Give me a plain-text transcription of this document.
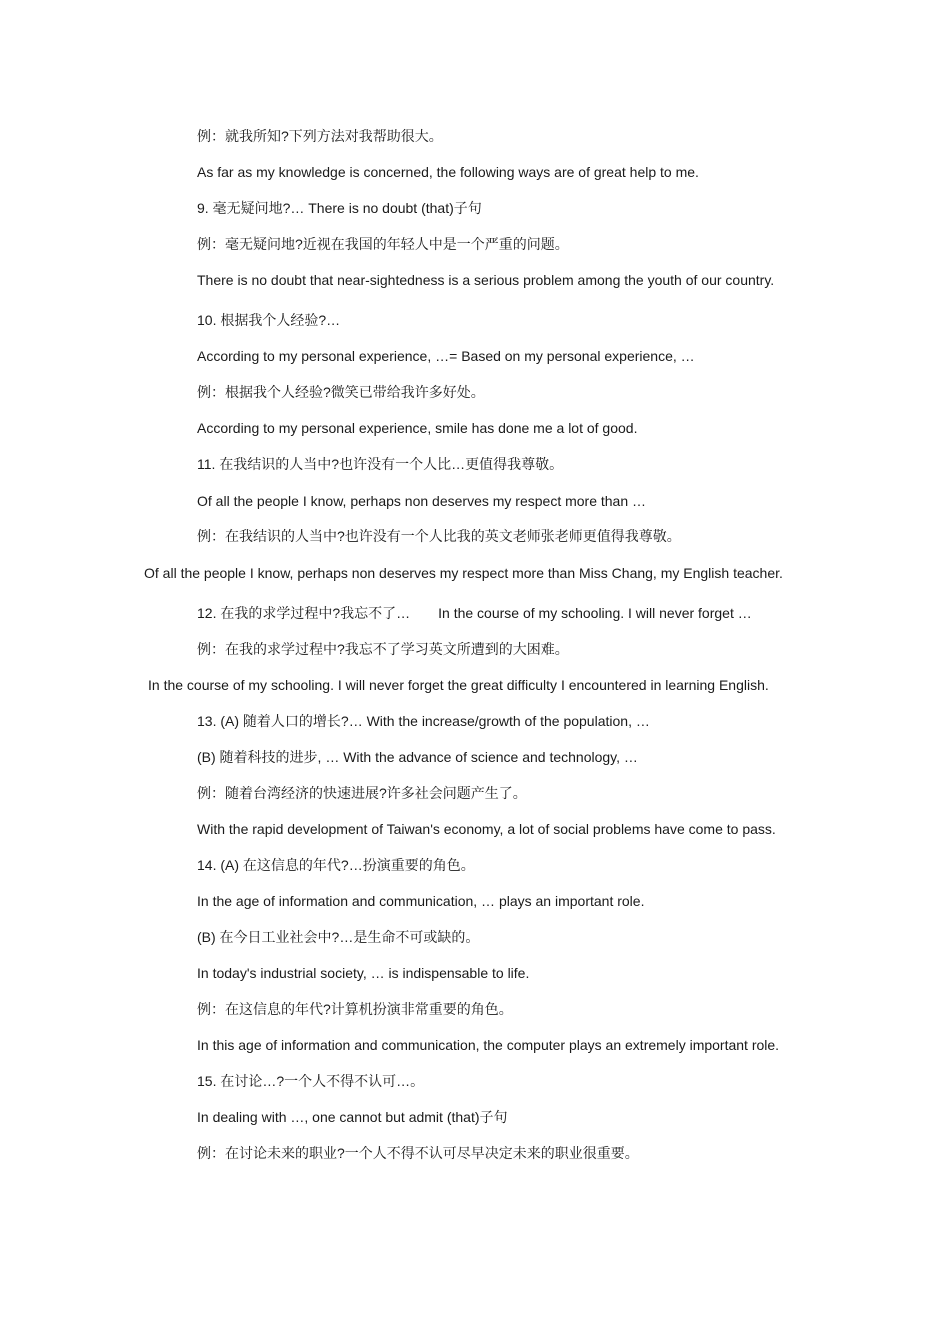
例：就我所知?下列方法对我帮助很大。
As far as my knowledge is concerned, the following ways are of great help to me.
9. 毫无疑问地?… There is no doubt (that)子句
例：毫无疑问地?近视在我国的年轻人中是一个严重的问题。
There is no doubt that near-sightedness is a serious problem among the youth of our country.
10. 根据我个人经验?…
According to my personal experience, …= Based on my personal experience, …
例：根据我个人经验?微笑已带给我许多好处。
According to my personal experience, smile has done me a lot of good.
11. 在我结识的人当中?也许没有一个人比…更值得我尊敬。
Of all the people I know, perhaps non deserves my respect more than …
例：在我结识的人当中?也许没有一个人比我的英文老师张老师更值得我尊敬。
Of all the people I know, perhaps non deserves my respect more than Miss Chang, my English teacher.
12. 在我的求学过程中?我忘不了… In the course of my schooling. I will never forget …
例：在我的求学过程中?我忘不了学习英文所遭到的大困难。
In the course of my schooling. I will never forget the great difficulty I encountered in learning English.
13. (A) 随着人口的增长?… With the increase/growth of the population, …
(B) 随着科技的进步, … With the advance of science and technology, …
例：随着台湾经济的快速进展?许多社会问题产生了。
With the rapid development of Taiwan's economy, a lot of social problems have come to pass.
14. (A) 在这信息的年代?…扮演重要的角色。
In the age of information and communication, … plays an important role.
(B) 在今日工业社会中?…是生命不可或缺的。
In today's industrial society, … is indispensable to life.
例：在这信息的年代?计算机扮演非常重要的角色。
In this age of information and communication, the computer plays an extremely important role.
15. 在讨论…?一个人不得不认可…。
In dealing with …, one cannot but admit (that)子句
例：在讨论未来的职业?一个人不得不认可尽早决定未来的职业很重要。
